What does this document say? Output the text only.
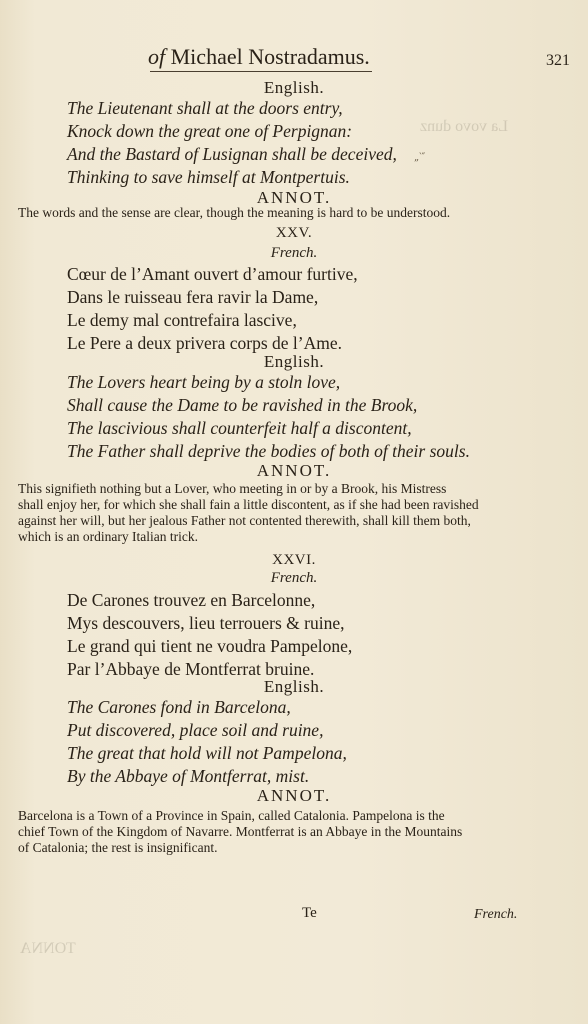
La vovo dunz
TONNA
of Michael Nostradamus.	321
English.
The Lieutenant shall at the doors entry,
Knock down the great one of Perpignan:
And the Bastard of Lusignan shall be deceived,
Thinking to save himself at Montpertuis.
„‵″
ANNOT.
The words and the sense are clear, though the meaning is hard to be understood.
XXV.
French.
Cœur de l’Amant ouvert d’amour furtive,
Dans le ruisseau fera ravir la Dame,
Le demy mal contrefaira lascive,
Le Pere a deux privera corps de l’Ame.
English.
The Lovers heart being by a stoln love,
Shall cause the Dame to be ravished in the Brook,
The lascivious shall counterfeit half a discontent,
The Father shall deprive the bodies of both of their souls.
ANNOT.
This signifieth nothing but a Lover, who meeting in or by a Brook, his Mistress
shall enjoy her, for which she shall fain a little discontent, as if she had been ravished
against her will, but her jealous Father not contented therewith, shall kill them both,
which is an ordinary Italian trick.
XXVI.
French.
De Carones trouvez en Barcelonne,
Mys descouvers, lieu terrouers & ruine,
Le grand qui tient ne voudra Pampelone,
Par l’Abbaye de Montferrat bruine.
English.
The Carones fond in Barcelona,
Put discovered, place soil and ruine,
The great that hold will not Pampelona,
By the Abbaye of Montferrat, mist.
ANNOT.
Barcelona is a Town of a Province in Spain, called Catalonia. Pampelona is the
chief Town of the Kingdom of Navarre. Montferrat is an Abbaye in the Mountains
of Catalonia; the rest is insignificant.
Te	French.
